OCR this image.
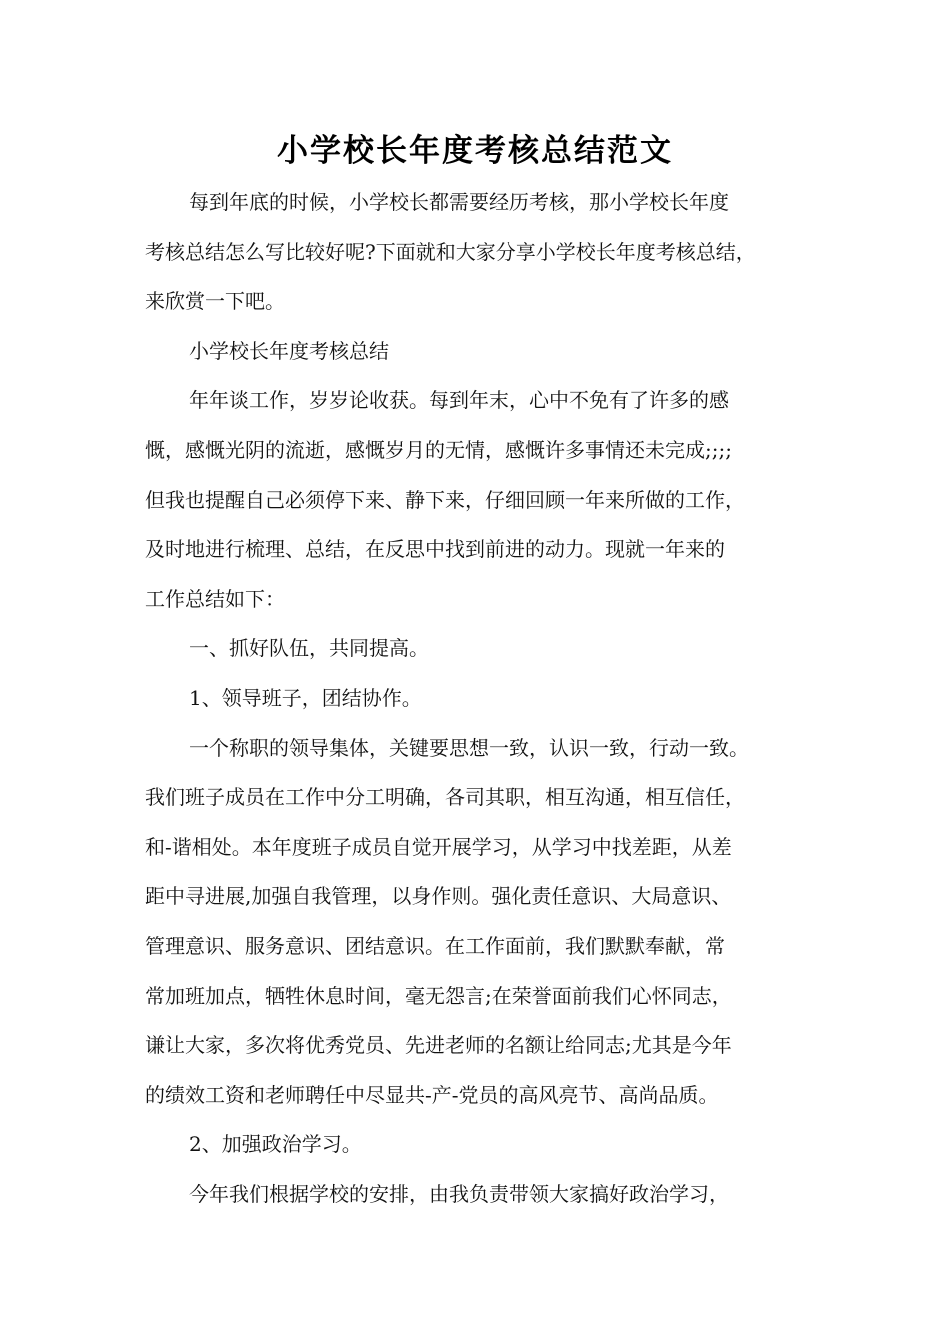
小学校长年度考核总结范文
每到年底的时候，小学校长都需要经历考核，那小学校长年度
考核总结怎么写比较好呢?下面就和大家分享小学校长年度考核总结，
来欣赏一下吧。
小学校长年度考核总结
年年谈工作，岁岁论收获。每到年末，心中不免有了许多的感
慨，感慨光阴的流逝，感慨岁月的无情，感慨许多事情还未完成;;;;
但我也提醒自己必须停下来、静下来，仔细回顾一年来所做的工作，
及时地进行梳理、总结，在反思中找到前进的动力。现就一年来的
工作总结如下：
一、抓好队伍，共同提高。
1、领导班子，团结协作。
一个称职的领导集体，关键要思想一致，认识一致，行动一致。
我们班子成员在工作中分工明确，各司其职，相互沟通，相互信任，
和-谐相处。本年度班子成员自觉开展学习，从学习中找差距，从差
距中寻进展,加强自我管理，以身作则。强化责任意识、大局意识、
管理意识、服务意识、团结意识。在工作面前，我们默默奉献，常
常加班加点，牺牲休息时间，毫无怨言;在荣誉面前我们心怀同志，
谦让大家，多次将优秀党员、先进老师的名额让给同志;尤其是今年
的绩效工资和老师聘任中尽显共-产-党员的高风亮节、高尚品质。
2、加强政治学习。
今年我们根据学校的安排，由我负责带领大家搞好政治学习，
